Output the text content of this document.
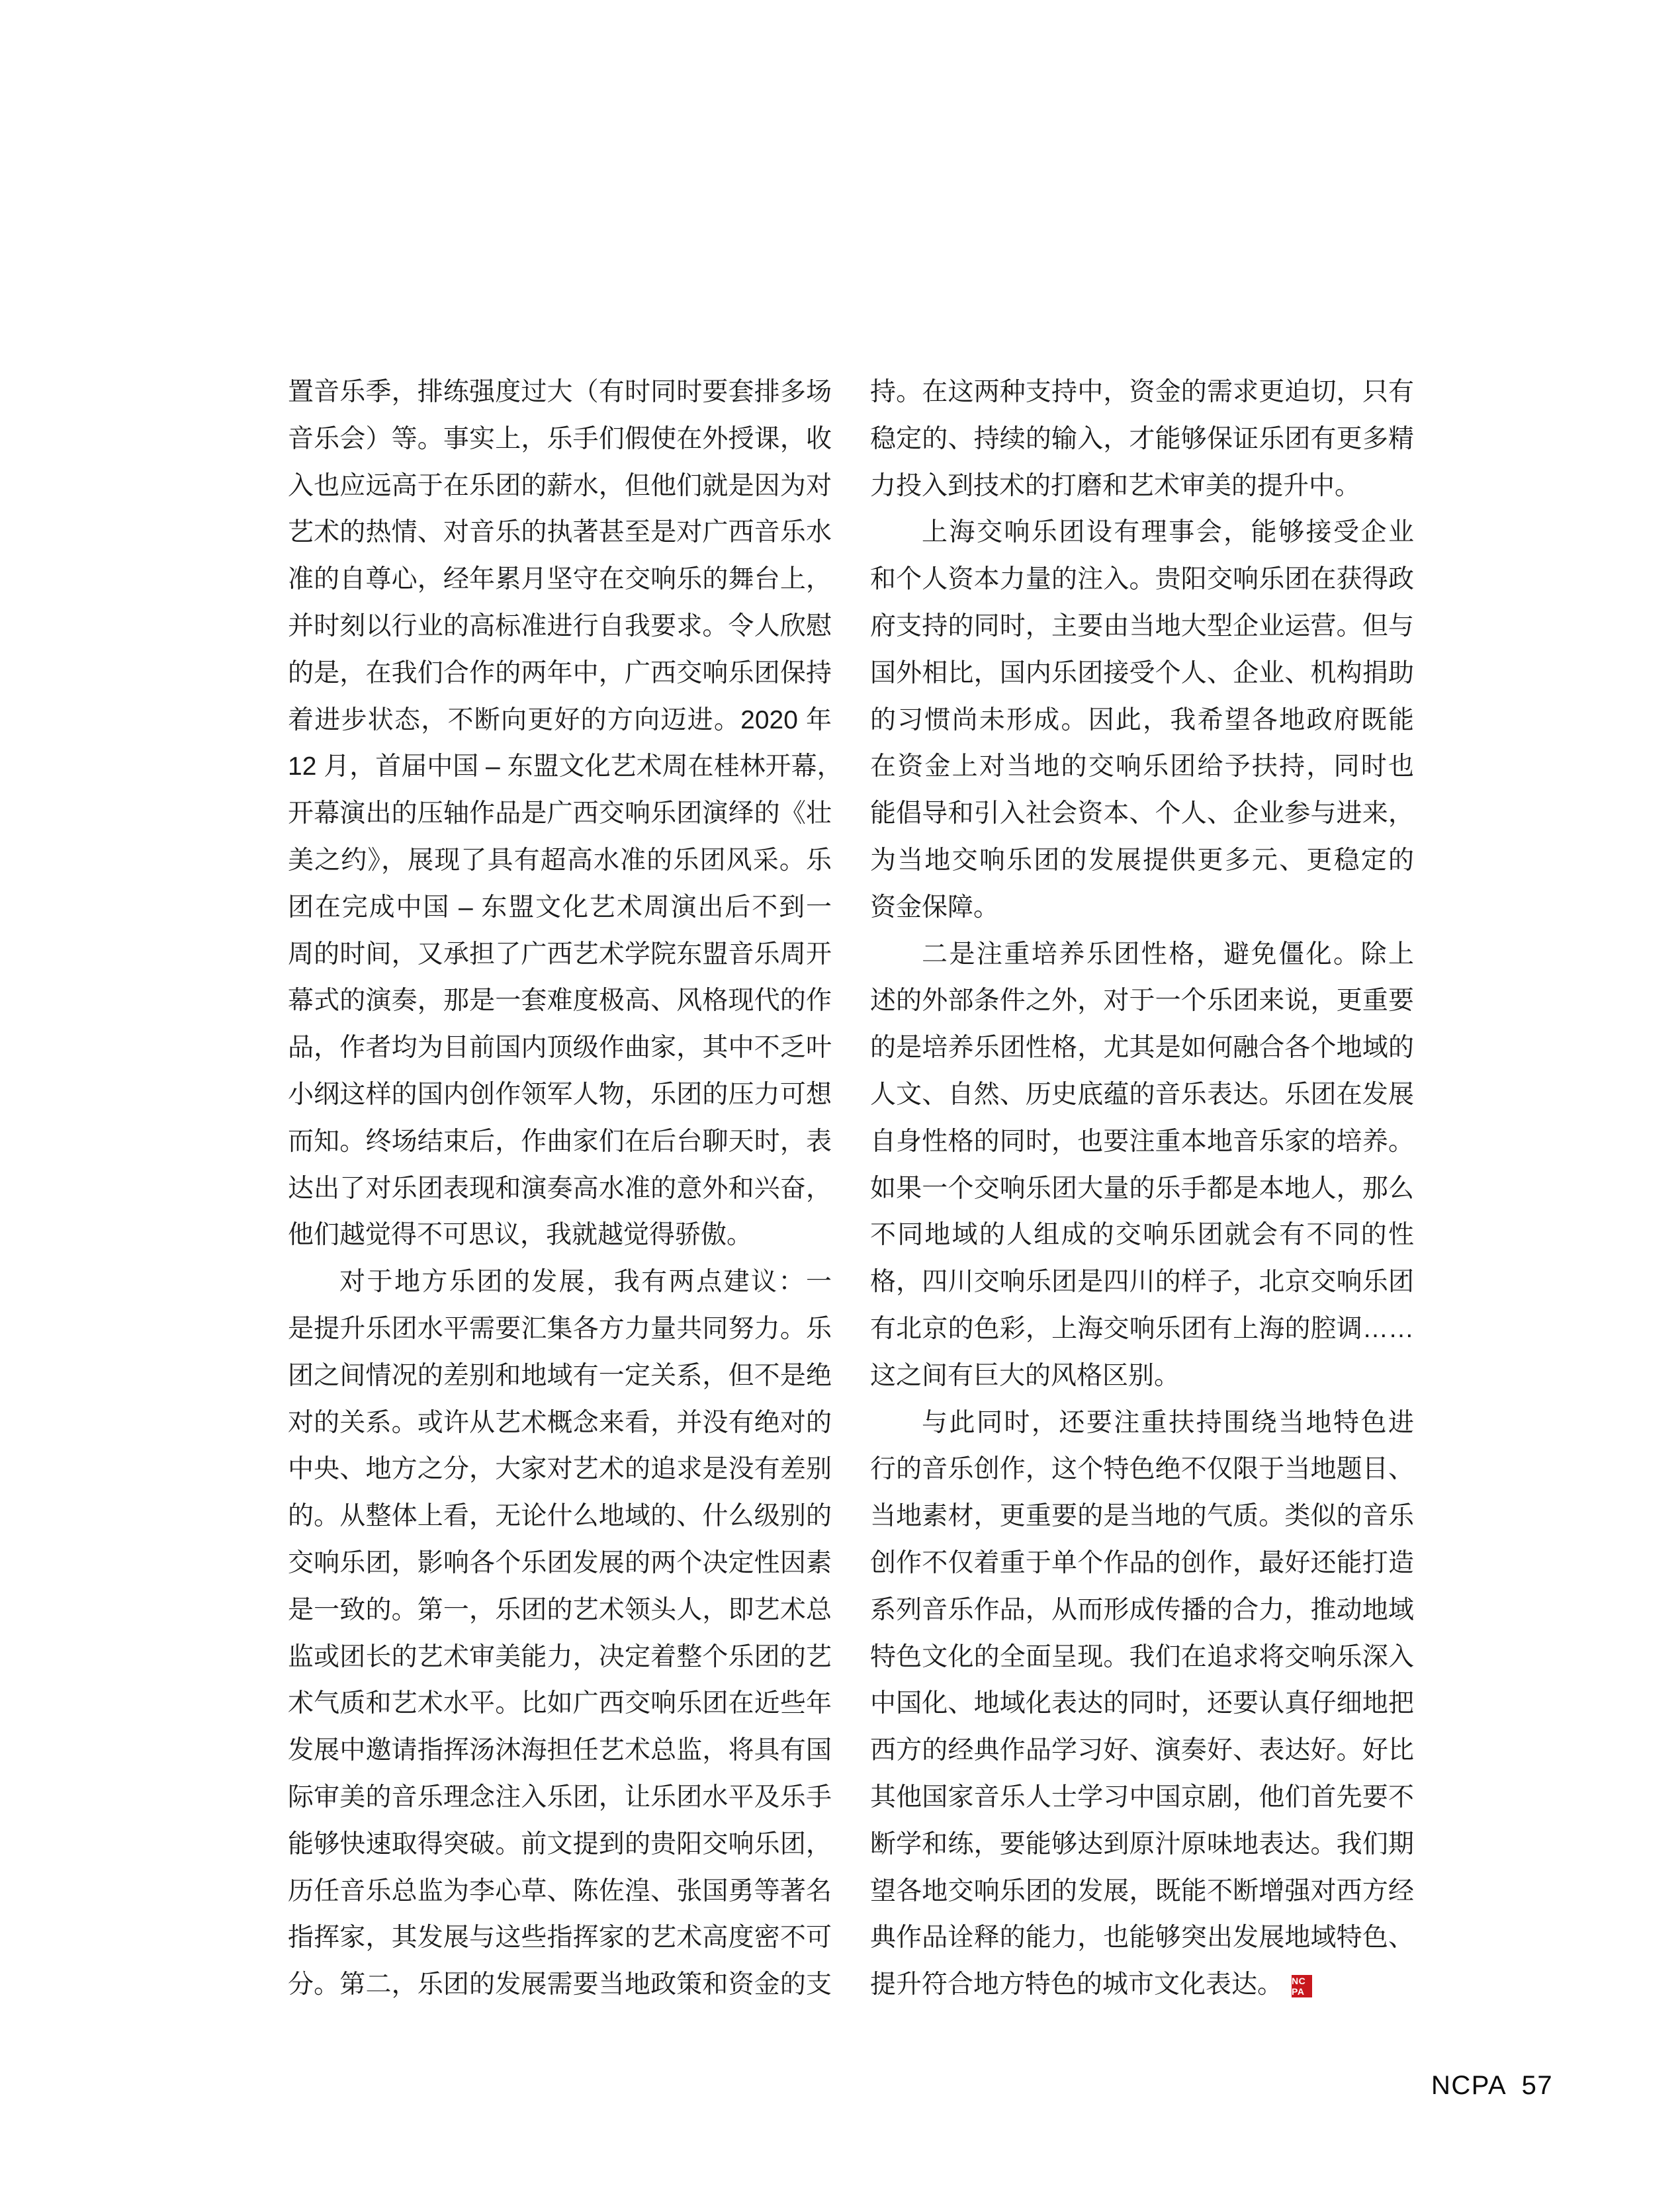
置音乐季，排练强度过大（有时同时要套排多场
音乐会）等。事实上，乐手们假使在外授课，收
入也应远高于在乐团的薪水，但他们就是因为对
艺术的热情、对音乐的执著甚至是对广西音乐水
准的自尊心，经年累月坚守在交响乐的舞台上，
并时刻以行业的高标准进行自我要求。令人欣慰
的是，在我们合作的两年中，广西交响乐团保持
着进步状态，不断向更好的方向迈进。2020 年
12 月，首届中国 – 东盟文化艺术周在桂林开幕，
开幕演出的压轴作品是广西交响乐团演绎的《壮
美之约》，展现了具有超高水准的乐团风采。乐
团在完成中国 – 东盟文化艺术周演出后不到一
周的时间，又承担了广西艺术学院东盟音乐周开
幕式的演奏，那是一套难度极高、风格现代的作
品，作者均为目前国内顶级作曲家，其中不乏叶
小纲这样的国内创作领军人物，乐团的压力可想
而知。终场结束后，作曲家们在后台聊天时，表
达出了对乐团表现和演奏高水准的意外和兴奋，
他们越觉得不可思议，我就越觉得骄傲。
对于地方乐团的发展，我有两点建议：一
是提升乐团水平需要汇集各方力量共同努力。乐
团之间情况的差别和地域有一定关系，但不是绝
对的关系。或许从艺术概念来看，并没有绝对的
中央、地方之分，大家对艺术的追求是没有差别
的。从整体上看，无论什么地域的、什么级别的
交响乐团，影响各个乐团发展的两个决定性因素
是一致的。第一，乐团的艺术领头人，即艺术总
监或团长的艺术审美能力，决定着整个乐团的艺
术气质和艺术水平。比如广西交响乐团在近些年
发展中邀请指挥汤沐海担任艺术总监，将具有国
际审美的音乐理念注入乐团，让乐团水平及乐手
能够快速取得突破。前文提到的贵阳交响乐团，
历任音乐总监为李心草、陈佐湟、张国勇等著名
指挥家，其发展与这些指挥家的艺术高度密不可
分。第二，乐团的发展需要当地政策和资金的支
持。在这两种支持中，资金的需求更迫切，只有
稳定的、持续的输入，才能够保证乐团有更多精
力投入到技术的打磨和艺术审美的提升中。
上海交响乐团设有理事会，能够接受企业
和个人资本力量的注入。贵阳交响乐团在获得政
府支持的同时，主要由当地大型企业运营。但与
国外相比，国内乐团接受个人、企业、机构捐助
的习惯尚未形成。因此，我希望各地政府既能
在资金上对当地的交响乐团给予扶持，同时也
能倡导和引入社会资本、个人、企业参与进来，
为当地交响乐团的发展提供更多元、更稳定的
资金保障。
二是注重培养乐团性格，避免僵化。除上
述的外部条件之外，对于一个乐团来说，更重要
的是培养乐团性格，尤其是如何融合各个地域的
人文、自然、历史底蕴的音乐表达。乐团在发展
自身性格的同时，也要注重本地音乐家的培养。
如果一个交响乐团大量的乐手都是本地人，那么
不同地域的人组成的交响乐团就会有不同的性
格，四川交响乐团是四川的样子，北京交响乐团
有北京的色彩，上海交响乐团有上海的腔调……
这之间有巨大的风格区别。
与此同时，还要注重扶持围绕当地特色进
行的音乐创作，这个特色绝不仅限于当地题目、
当地素材，更重要的是当地的气质。类似的音乐
创作不仅着重于单个作品的创作，最好还能打造
系列音乐作品，从而形成传播的合力，推动地域
特色文化的全面呈现。我们在追求将交响乐深入
中国化、地域化表达的同时，还要认真仔细地把
西方的经典作品学习好、演奏好、表达好。好比
其他国家音乐人士学习中国京剧，他们首先要不
断学和练，要能够达到原汁原味地表达。我们期
望各地交响乐团的发展，既能不断增强对西方经
典作品诠释的能力，也能够突出发展地域特色、
提升符合地方特色的城市文化表达。 NC
PA
NCPA 57
